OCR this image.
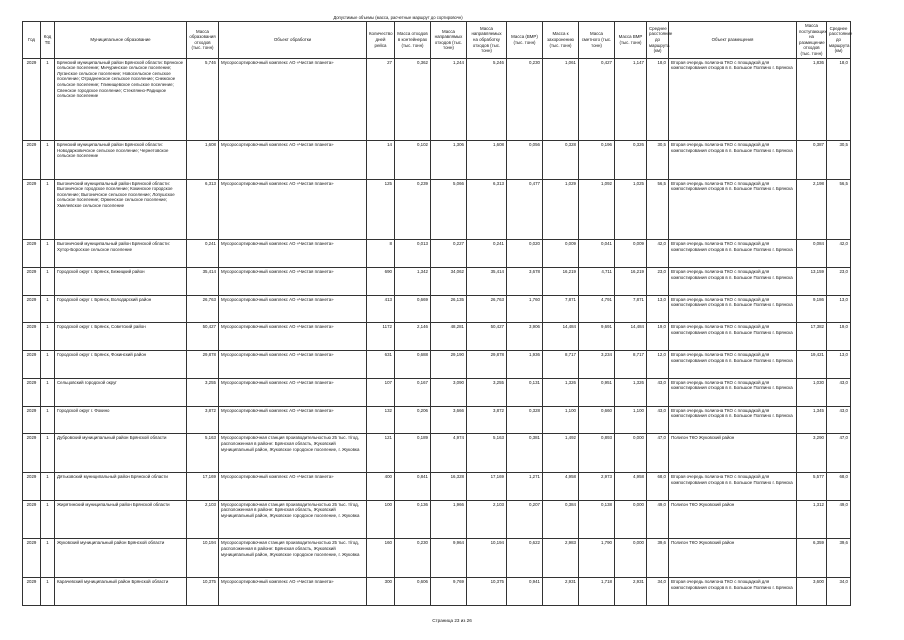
Допустимые объемы (масса, расчетные маршрут до сортировочн)
Год	Код ТЕ	Муниципальное образование	Масса образования отходов (тыс. тонн)	Объект обработки	Количество дней рейса	Масса отходов в контейнерах (тыс. тонн)	Масса направлямых отходов (тыс. тонн)	Масса направляемых на обработку отходов (тыс. тонн)	Масса (ВМР) (тыс. тонн)	Масса к захоронению (тыс. тонн)	Масса сметного (тыс. тонн)	Масса ВМР (тыс. тонн)	Среднее расстояние до маршрута (км)	Объект размещения	Масса поступающих на размещение отходов (тыс. тонн)	Среднее расстояние до маршрута (км)
2029	1	Брянский муниципальный район Брянской области: Брянское сельское поселение; Мичуринское сельское поселение; Луганское сельское поселение; Новосельское сельское поселение; Отрадненское сельское поселение; Снежское сельское поселение; Глинищевское сельское поселение; Свенское городское поселение; Стеклянно-Радицкое сельское поселение	5,746	Мусоросортировочный комплекс АО «Чистая планета»	27	0,362	1,244	5,246	0,230	1,061	0,427	1,147	18,0	Вторая очередь полигона ТКО с площадкой для компостирования отходов в п. Большое Полпино г. Брянска	1,836	18,0
2029	1	Брянский муниципальный район Брянской области: Новодарковичское сельское поселение; Чернетовское сельское поселение	1,608	Мусоросортировочный комплекс АО «Чистая планета»	14	0,102	1,306	1,608	0,056	0,328	0,196	0,326	30,5	Вторая очередь полигона ТКО с площадкой для компостирования отходов в п. Большое Полпино г. Брянска	0,387	30,5
2029	1	Выгоничский муниципальный район Брянской области: Выгоничское городское поселение; Кокинское городское поселение; Выгоничское сельское поселение; Лопушское сельское поселение; Орменское сельское поселение; Хмелевское сельское поселение	6,313	Мусоросортировочный комплекс АО «Чистая планета»	125	0,239	5,066	6,313	0,477	1,029	1,092	1,025	56,5	Вторая очередь полигона ТКО с площадкой для компостирования отходов в п. Большое Полпино г. Брянска	2,198	56,5
2029	1	Выгоничский муниципальный район Брянской области: Хутор-Бороское сельское поселение	0,241	Мусоросортировочный комплекс АО «Чистая планета»	8	0,013	0,227	0,241	0,020	0,009	0,041	0,009	42,0	Вторая очередь полигона ТКО с площадкой для компостирования отходов в п. Большое Полпино г. Брянска	0,084	42,0
2029	1	Городской округ г. Брянск, Бежицкий район	35,414	Мусоросортировочный комплекс АО «Чистая планета»	690	1,342	34,062	35,414	3,678	16,219	4,711	16,219	23,0	Вторая очередь полигона ТКО с площадкой для компостирования отходов в п. Большое Полпино г. Брянска	13,159	23,0
2029	1	Городской округ г. Брянск, Володарский район	26,763	Мусоросортировочный комплекс АО «Чистая планета»	413	0,669	26,135	26,763	1,760	7,871	4,791	7,871	13,0	Вторая очередь полигона ТКО с площадкой для компостирования отходов в п. Большое Полпино г. Брянска	9,186	13,0
2029	1	Городской округ г. Брянск, Советский район	50,427	Мусоросортировочный комплекс АО «Чистая планета»	1172	2,146	48,281	50,427	3,906	14,484	9,691	14,484	19,0	Вторая очередь полигона ТКО с площадкой для компостирования отходов в п. Большое Полпино г. Брянска	17,382	19,0
2029	1	Городской округ г. Брянск, Фокинский район	29,878	Мусоросортировочный комплекс АО «Чистая планета»	631	0,688	29,190	29,878	1,936	8,717	3,234	8,717	12,0	Вторая очередь полигона ТКО с площадкой для компостирования отходов в п. Большое Полпино г. Брянска	19,421	13,0
2029	1	Сельцовский городской округ	3,255	Мусоросортировочный комплекс АО «Чистая планета»	107	0,167	3,090	3,255	0,131	1,326	0,951	1,326	43,0	Вторая очередь полигона ТКО с площадкой для компостирования отходов в п. Большое Полпино г. Брянска	1,030	43,0
2029	1	Городской округ г. Фокино	3,872	Мусоросортировочный комплекс АО «Чистая планета»	132	0,206	3,666	3,872	0,328	1,100	0,660	1,100	43,0	Вторая очередь полигона ТКО с площадкой для компостирования отходов в п. Большое Полпино г. Брянска	1,345	43,0
2029	1	Дубровский муниципальный район Брянской области	5,163	Мусоросортировочная станция производительностью 25 тыс. т/год, расположенная в районе: Брянская область, Жуковский муниципальный район, Жуковское городское поселение, г. Жуковка	121	0,189	4,974	5,163	0,381	1,492	0,893	0,000	47,0	Полигон ТКО Жуковский район	3,290	47,0
2029	1	Дятьковский муниципальный район Брянской области	17,169	Мусоросортировочный комплекс АО «Чистая планета»	400	0,841	16,328	17,169	1,271	4,958	2,973	4,958	68,0	Вторая очередь полигона ТКО с площадкой для компостирования отходов в п. Большое Полпино г. Брянска	5,577	68,0
2029	1	Жирятинский муниципальный район Брянской области	2,103	Мусоросортировочная станция производительностью 25 тыс. т/год, расположенная в районе: Брянская область, Жуковский муниципальный район, Жуковское городское поселение, г. Жуковка	100	0,136	1,966	2,103	0,207	0,384	0,138	0,000	49,0	Полигон ТКО Жуковский район	1,312	49,0
2029	1	Жуковский муниципальный район Брянской области	10,194	Мусоросортировочная станция производительностью 25 тыс. т/год, расположенная в районе: Брянская область, Жуковский муниципальный район, Жуковское городское поселение, г. Жуковка	160	0,230	9,964	10,194	0,622	2,983	1,790	0,000	39,6	Полигон ТКО Жуковский район	6,359	39,6
2029	1	Карачевский муниципальный район Брянской области	10,375	Мусоросортировочный комплекс АО «Чистая планета»	300	0,606	9,769	10,375	0,941	2,931	1,718	2,931	34,0	Вторая очередь полигона ТКО с площадкой для компостирования отходов в п. Большое Полпино г. Брянска	3,600	34,0
Страница 23 из 26
